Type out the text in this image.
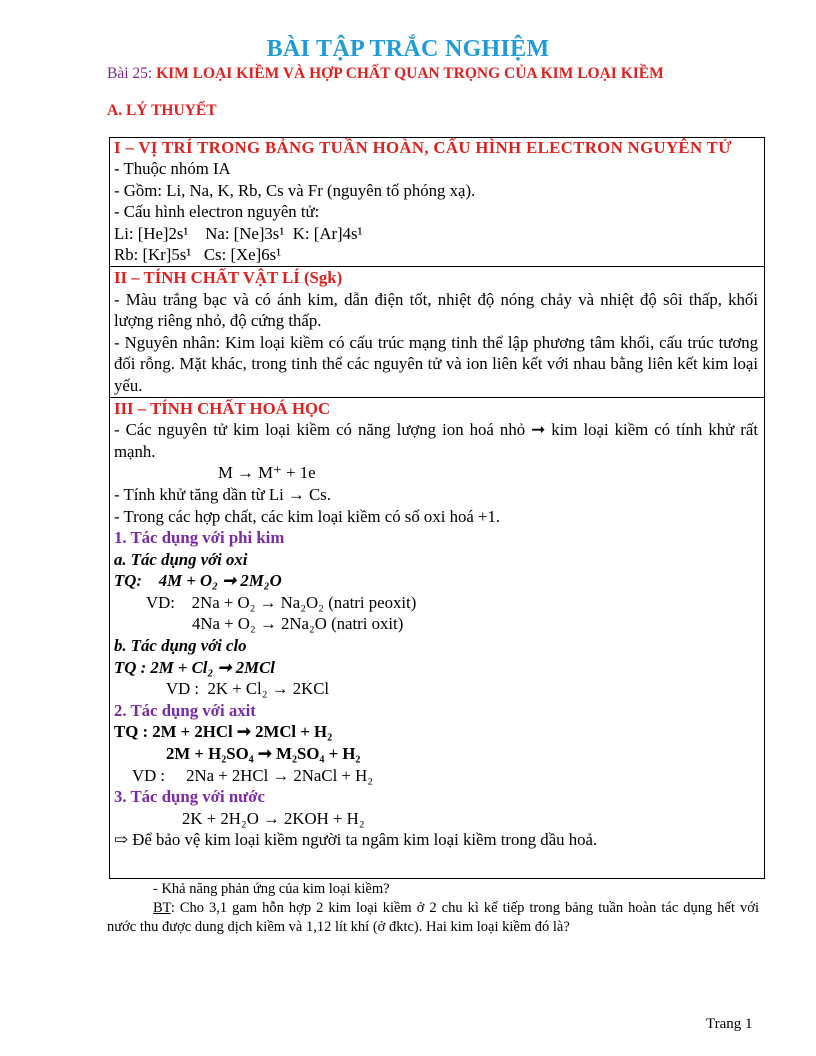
BÀI TẬP TRẮC NGHIỆM
Bài 25: KIM LOẠI KIỀM VÀ HỢP CHẤT QUAN TRỌNG CỦA KIM LOẠI KIỀM
A. LÝ THUYẾT
I – VỊ TRÍ TRONG BẢNG TUẦN HOÀN, CẤU HÌNH ELECTRON NGUYÊN TỬ
- Thuộc nhóm IA
- Gồm: Li, Na, K, Rb, Cs và Fr (nguyên tố phóng xạ).
- Cấu hình electron nguyên tử:
Li: [He]2s¹    Na: [Ne]3s¹  K: [Ar]4s¹
Rb: [Kr]5s¹   Cs: [Xe]6s¹
II – TÍNH CHẤT VẬT LÍ (Sgk)
- Màu trắng bạc và có ánh kim, dẫn điện tốt, nhiệt độ nóng chảy và nhiệt độ sôi thấp, khối lượng riêng nhỏ, độ cứng thấp.
- Nguyên nhân: Kim loại kiềm có cấu trúc mạng tinh thể lập phương tâm khối, cấu trúc tương đối rỗng. Mặt khác, trong tinh thể các nguyên tử và ion liên kết với nhau bằng liên kết kim loại yếu.
III – TÍNH CHẤT HOÁ HỌC
- Các nguyên tử kim loại kiềm có năng lượng ion hoá nhỏ ➞ kim loại kiềm có tính khử rất mạnh.
M → M⁺ + 1e
- Tính khử tăng dần từ Li → Cs.
- Trong các hợp chất, các kim loại kiềm có số oxi hoá +1.
1. Tác dụng với phi kim
a. Tác dụng với oxi
TQ:    4M + O₂ ➞ 2M₂O
VD:    2Na + O₂ → Na₂O₂ (natri peoxit)
4Na + O₂ → 2Na₂O (natri oxit)
b. Tác dụng với clo
TQ : 2M + Cl₂ ➞ 2MCl
VD :  2K + Cl₂ → 2KCl
2. Tác dụng với axit
TQ : 2M + 2HCl ➞ 2MCl + H₂
2M + H₂SO₄ ➞ M₂SO₄ + H₂
VD :     2Na + 2HCl → 2NaCl + H₂
3. Tác dụng với nước
2K + 2H₂O → 2KOH + H₂
⇨ Để bảo vệ kim loại kiềm người ta ngâm kim loại kiềm trong dầu hoả.
- Khả năng phản ứng của kim loại kiềm?
BT: Cho 3,1 gam hỗn hợp 2 kim loại kiềm ở 2 chu kì kế tiếp trong bảng tuần hoàn tác dụng hết với nước thu được dung dịch kiềm và 1,12 lít khí (ở đktc). Hai kim loại kiềm đó là?
Trang 1
